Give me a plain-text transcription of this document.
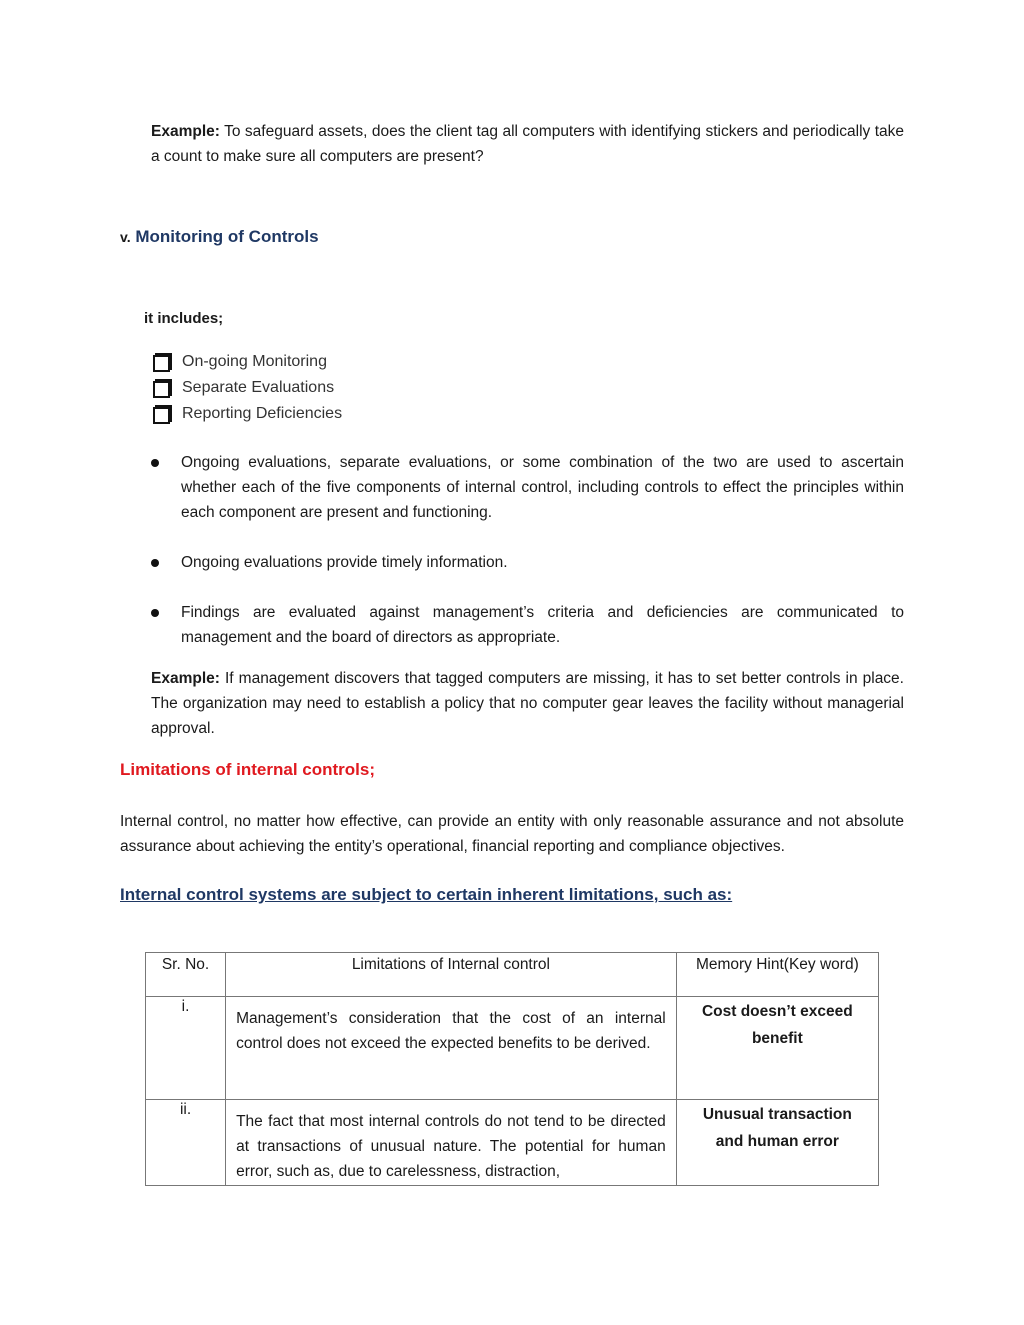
Example: To safeguard assets, does the client tag all computers with identifying stickers and periodically take a count to make sure all computers are present?
v. Monitoring of Controls
it includes;
On-going Monitoring
Separate Evaluations
Reporting Deficiencies
Ongoing evaluations, separate evaluations, or some combination of the two are used to ascertain whether each of the five components of internal control, including controls to effect the principles within each component are present and functioning.
Ongoing evaluations provide timely information.
Findings are evaluated against management’s criteria and deficiencies are communicated to management and the board of directors as appropriate.
Example: If management discovers that tagged computers are missing, it has to set better controls in place. The organization may need to establish a policy that no computer gear leaves the facility without managerial approval.
Limitations of internal controls;
Internal control, no matter how effective, can provide an entity with only reasonable assurance and not absolute assurance about achieving the entity’s operational, financial reporting and compliance objectives.
Internal control systems are subject to certain inherent limitations, such as:
Sr. No.	Limitations of Internal control	Memory Hint(Key word)
i.	Management’s consideration that the cost of an internal control does not exceed the expected benefits to be derived.	Cost doesn’t exceed benefit

ii.	The fact that most internal controls do not tend to be directed at transactions of unusual nature. The potential for human error, such as, due to carelessness, distraction,	Unusual transaction and human error
